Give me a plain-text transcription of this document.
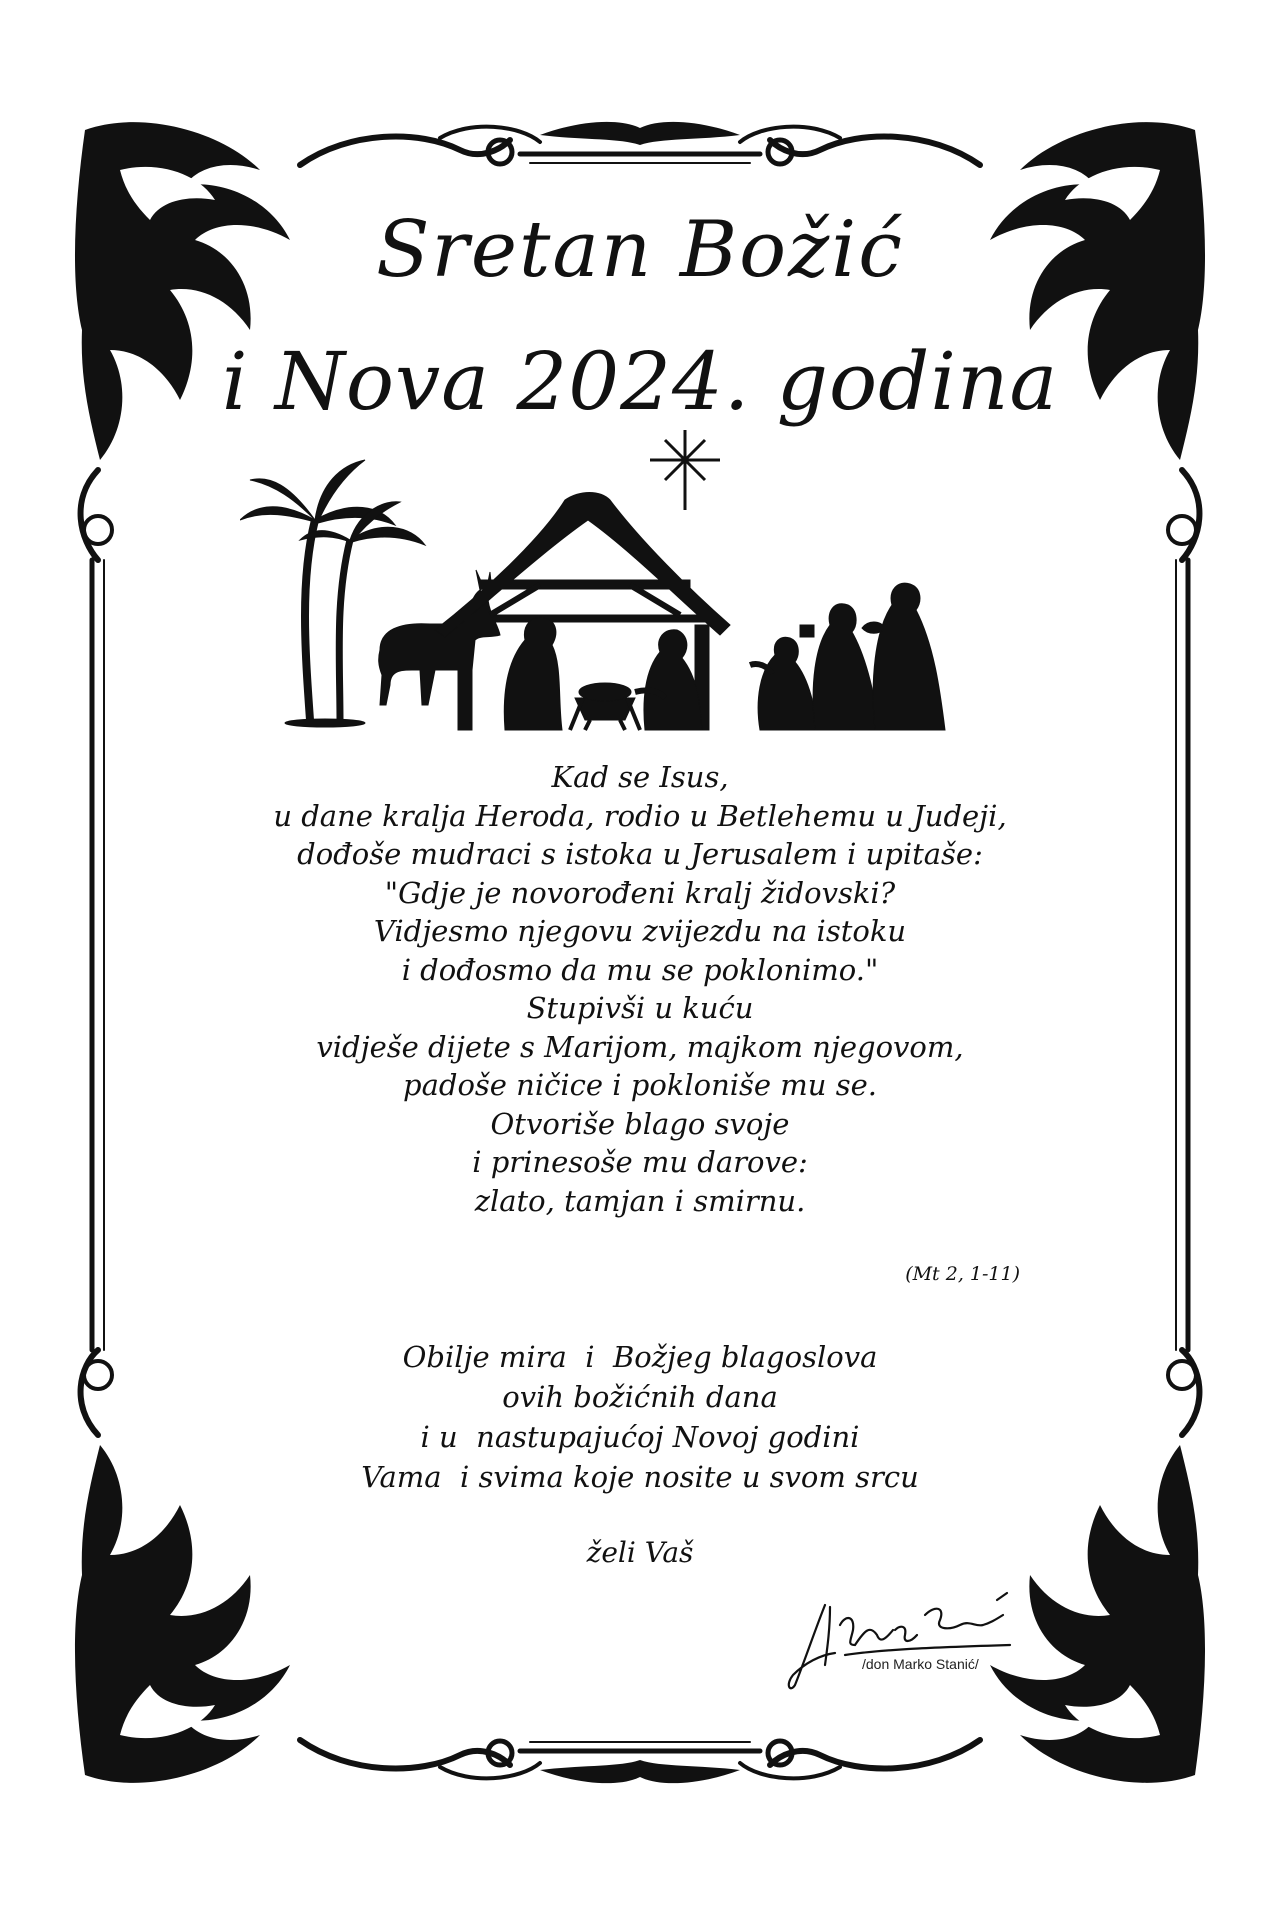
Sretan Božić
i Nova 2024. godina
Kad se Isus,
u dane kralja Heroda, rodio u Betlehemu u Judeji,
dođoše mudraci s istoka u Jerusalem i upitaše:
"Gdje je novorođeni kralj židovski?
Vidjesmo njegovu zvijezdu na istoku
i dođosmo da mu se poklonimo."
Stupivši u kuću
vidješe dijete s Marijom, majkom njegovom,
padoše ničice i pokloniše mu se.
Otvoriše blago svoje
i prinesoše mu darove:
zlato, tamjan i smirnu.
(Mt 2, 1-11)
Obilje mira  i  Božjeg blagoslova
ovih božićnih dana
i u  nastupajućoj Novoj godini
Vama  i svima koje nosite u svom srcu
želi Vaš
/don Marko Stanić/
